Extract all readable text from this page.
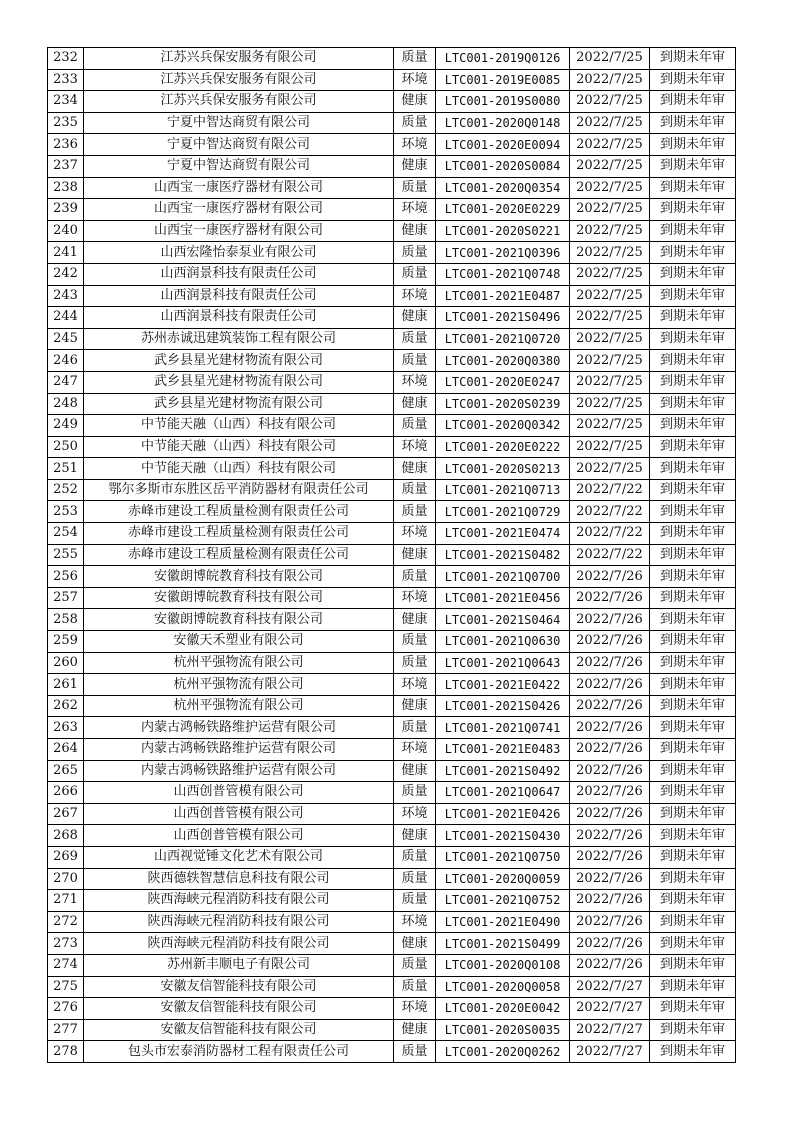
232	江苏兴兵保安服务有限公司	质量	LTC001-2019Q0126	2022/7/25	到期未年审
233	江苏兴兵保安服务有限公司	环境	LTC001-2019E0085	2022/7/25	到期未年审
234	江苏兴兵保安服务有限公司	健康	LTC001-2019S0080	2022/7/25	到期未年审
235	宁夏中智达商贸有限公司	质量	LTC001-2020Q0148	2022/7/25	到期未年审
236	宁夏中智达商贸有限公司	环境	LTC001-2020E0094	2022/7/25	到期未年审
237	宁夏中智达商贸有限公司	健康	LTC001-2020S0084	2022/7/25	到期未年审
238	山西宝一康医疗器材有限公司	质量	LTC001-2020Q0354	2022/7/25	到期未年审
239	山西宝一康医疗器材有限公司	环境	LTC001-2020E0229	2022/7/25	到期未年审
240	山西宝一康医疗器材有限公司	健康	LTC001-2020S0221	2022/7/25	到期未年审
241	山西宏隆怡泰泵业有限公司	质量	LTC001-2021Q0396	2022/7/25	到期未年审
242	山西润景科技有限责任公司	质量	LTC001-2021Q0748	2022/7/25	到期未年审
243	山西润景科技有限责任公司	环境	LTC001-2021E0487	2022/7/25	到期未年审
244	山西润景科技有限责任公司	健康	LTC001-2021S0496	2022/7/25	到期未年审
245	苏州赤诚迅建筑装饰工程有限公司	质量	LTC001-2021Q0720	2022/7/25	到期未年审
246	武乡县星光建材物流有限公司	质量	LTC001-2020Q0380	2022/7/25	到期未年审
247	武乡县星光建材物流有限公司	环境	LTC001-2020E0247	2022/7/25	到期未年审
248	武乡县星光建材物流有限公司	健康	LTC001-2020S0239	2022/7/25	到期未年审
249	中节能天融（山西）科技有限公司	质量	LTC001-2020Q0342	2022/7/25	到期未年审
250	中节能天融（山西）科技有限公司	环境	LTC001-2020E0222	2022/7/25	到期未年审
251	中节能天融（山西）科技有限公司	健康	LTC001-2020S0213	2022/7/25	到期未年审
252	鄂尔多斯市东胜区岳平消防器材有限责任公司	质量	LTC001-2021Q0713	2022/7/22	到期未年审
253	赤峰市建设工程质量检测有限责任公司	质量	LTC001-2021Q0729	2022/7/22	到期未年审
254	赤峰市建设工程质量检测有限责任公司	环境	LTC001-2021E0474	2022/7/22	到期未年审
255	赤峰市建设工程质量检测有限责任公司	健康	LTC001-2021S0482	2022/7/22	到期未年审
256	安徽朗博皖教育科技有限公司	质量	LTC001-2021Q0700	2022/7/26	到期未年审
257	安徽朗博皖教育科技有限公司	环境	LTC001-2021E0456	2022/7/26	到期未年审
258	安徽朗博皖教育科技有限公司	健康	LTC001-2021S0464	2022/7/26	到期未年审
259	安徽天禾塑业有限公司	质量	LTC001-2021Q0630	2022/7/26	到期未年审
260	杭州平强物流有限公司	质量	LTC001-2021Q0643	2022/7/26	到期未年审
261	杭州平强物流有限公司	环境	LTC001-2021E0422	2022/7/26	到期未年审
262	杭州平强物流有限公司	健康	LTC001-2021S0426	2022/7/26	到期未年审
263	内蒙古鸿畅铁路维护运营有限公司	质量	LTC001-2021Q0741	2022/7/26	到期未年审
264	内蒙古鸿畅铁路维护运营有限公司	环境	LTC001-2021E0483	2022/7/26	到期未年审
265	内蒙古鸿畅铁路维护运营有限公司	健康	LTC001-2021S0492	2022/7/26	到期未年审
266	山西创普管模有限公司	质量	LTC001-2021Q0647	2022/7/26	到期未年审
267	山西创普管模有限公司	环境	LTC001-2021E0426	2022/7/26	到期未年审
268	山西创普管模有限公司	健康	LTC001-2021S0430	2022/7/26	到期未年审
269	山西视觉锤文化艺术有限公司	质量	LTC001-2021Q0750	2022/7/26	到期未年审
270	陕西德轶智慧信息科技有限公司	质量	LTC001-2020Q0059	2022/7/26	到期未年审
271	陕西海峡元程消防科技有限公司	质量	LTC001-2021Q0752	2022/7/26	到期未年审
272	陕西海峡元程消防科技有限公司	环境	LTC001-2021E0490	2022/7/26	到期未年审
273	陕西海峡元程消防科技有限公司	健康	LTC001-2021S0499	2022/7/26	到期未年审
274	苏州新丰顺电子有限公司	质量	LTC001-2020Q0108	2022/7/26	到期未年审
275	安徽友信智能科技有限公司	质量	LTC001-2020Q0058	2022/7/27	到期未年审
276	安徽友信智能科技有限公司	环境	LTC001-2020E0042	2022/7/27	到期未年审
277	安徽友信智能科技有限公司	健康	LTC001-2020S0035	2022/7/27	到期未年审
278	包头市宏泰消防器材工程有限责任公司	质量	LTC001-2020Q0262	2022/7/27	到期未年审
